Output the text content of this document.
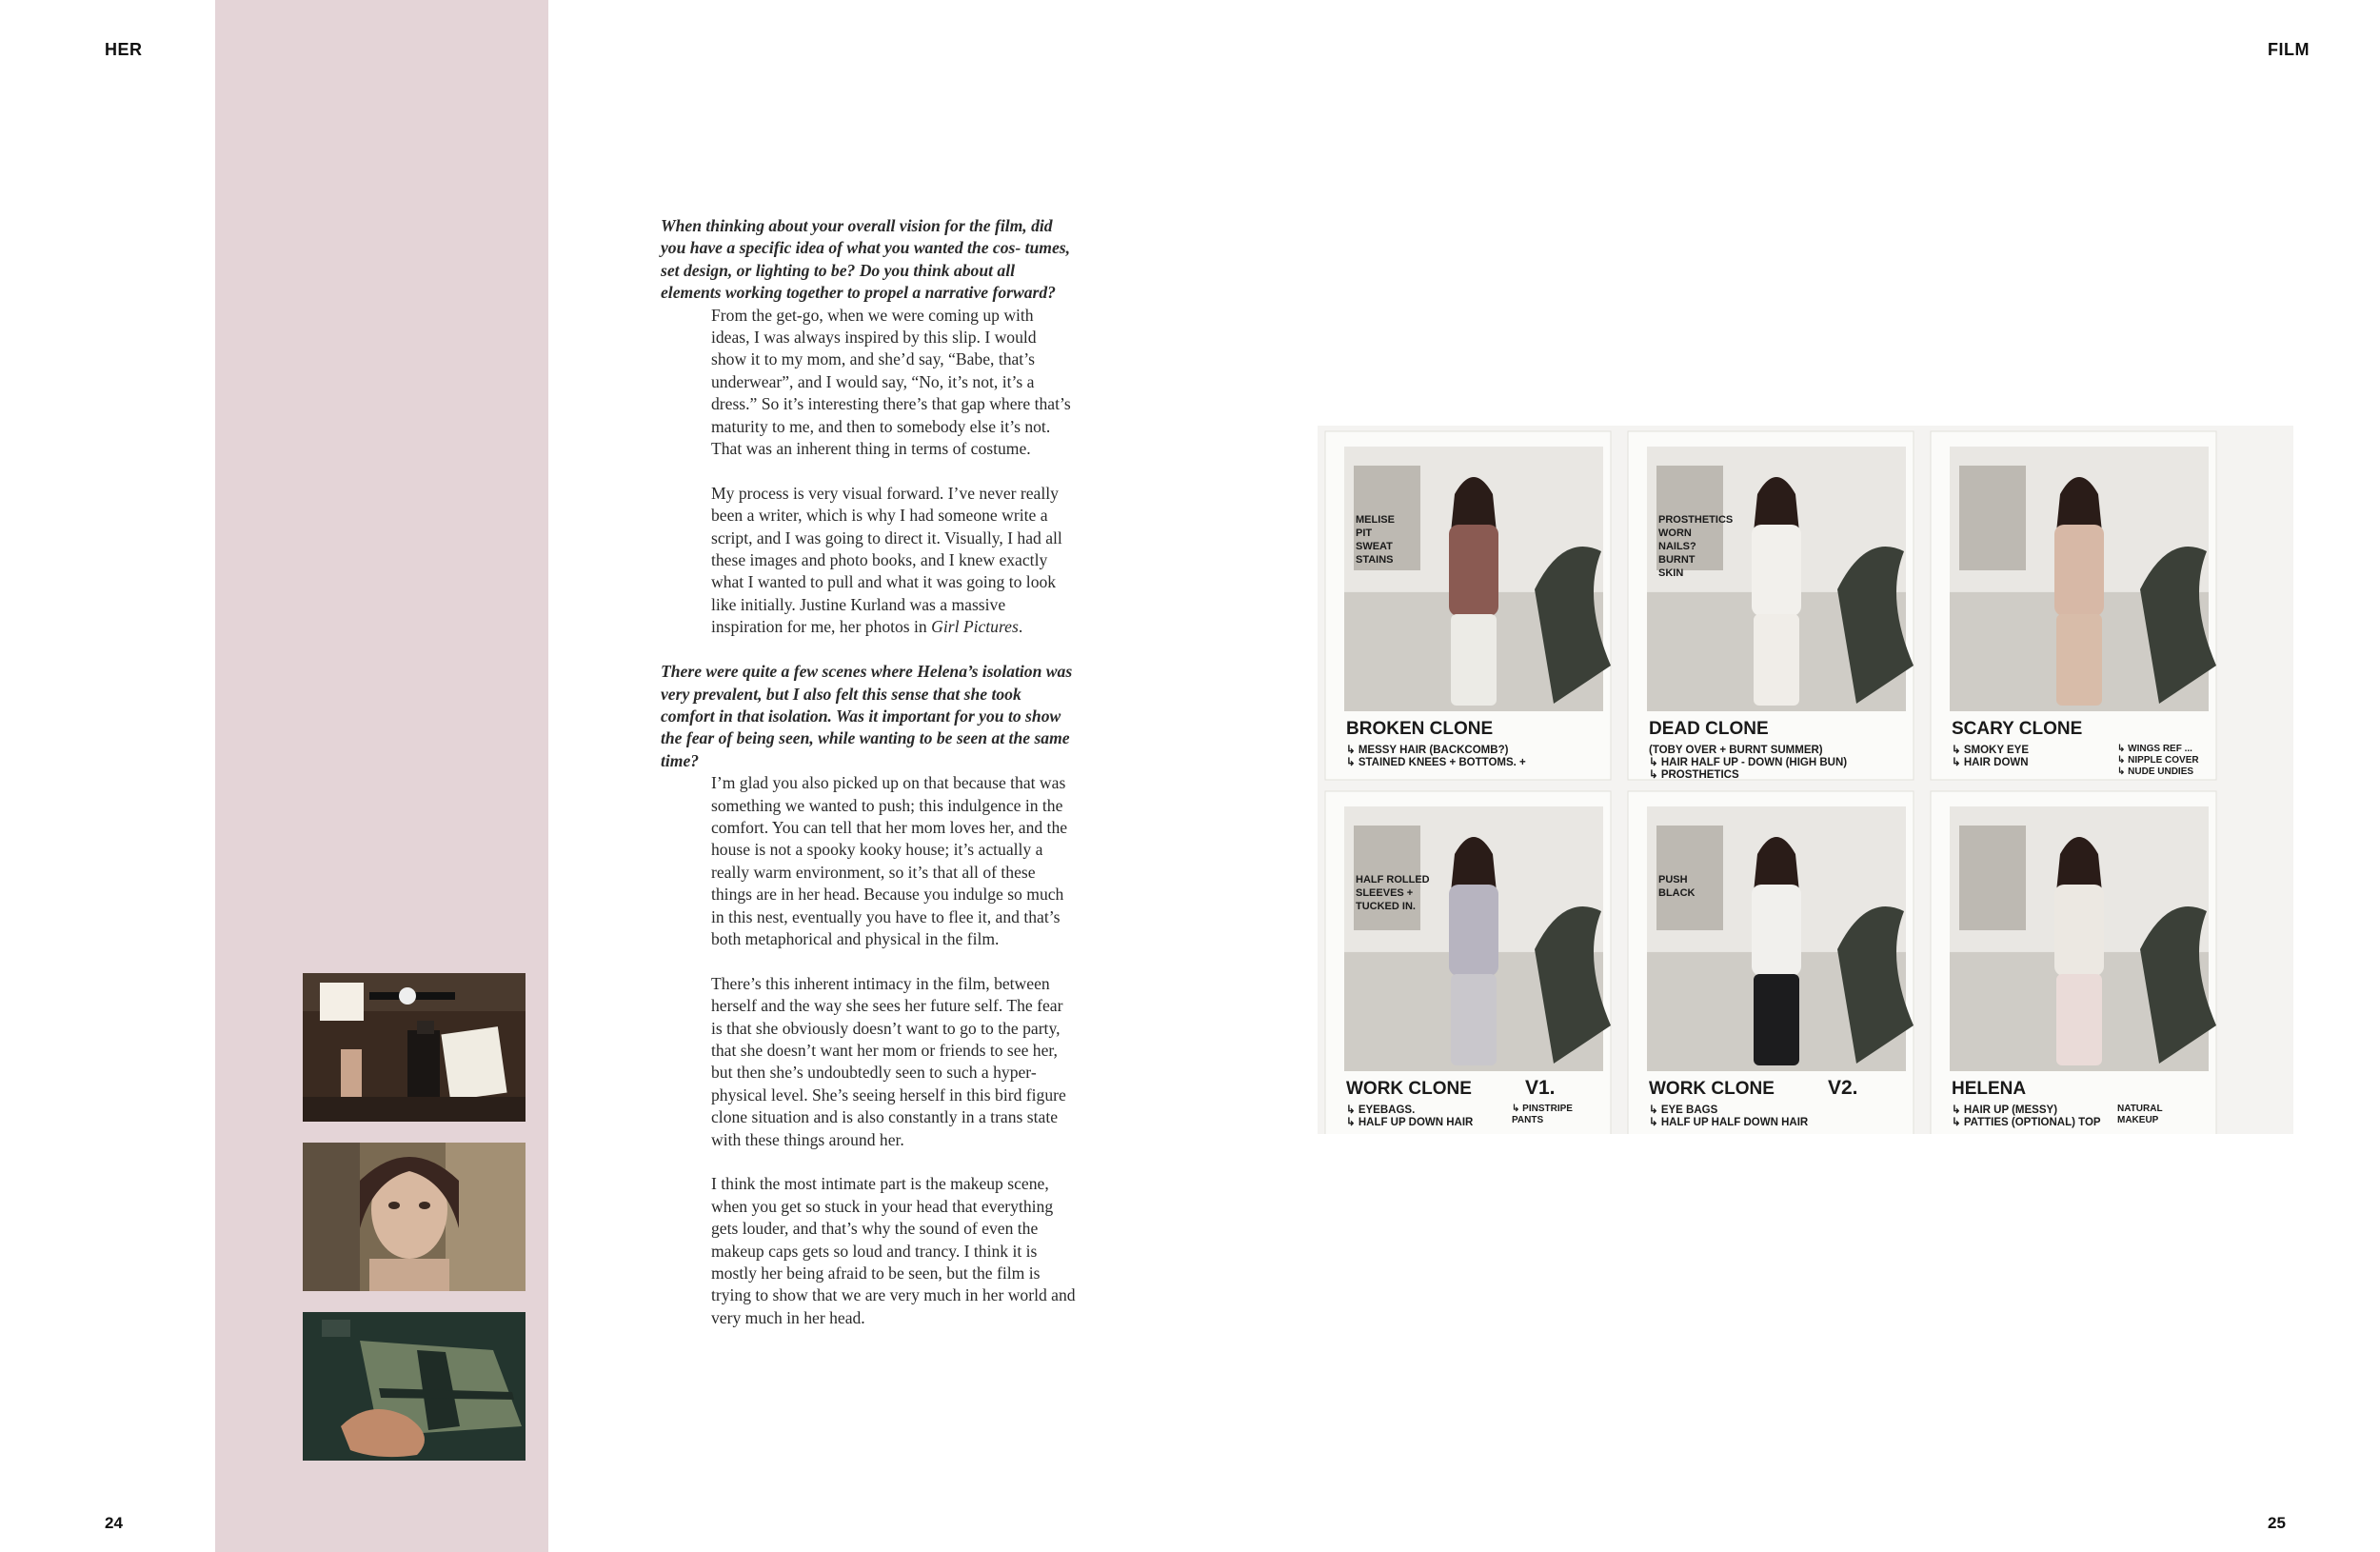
HER	FILM

When thinking about your overall vision for the film, did you have a specific idea of what you wanted the cos- tumes, set design, or lighting to be? Do you think about all elements working together to propel a narrative forward?

From the get-go, when we were coming up with ideas, I was always inspired by this slip. I would show it to my mom, and she’d say, “Babe, that’s underwear”, and I would say, “No, it’s not, it’s a dress.” So it’s interesting there’s that gap where that’s maturity to me, and then to somebody else it’s not. That was an inherent thing in terms of costume.

My process is very visual forward. I’ve never really been a writer, which is why I had someone write a script, and I was going to direct it. Visually, I had all these images and photo books, and I knew exactly what I wanted to pull and what it was going to look like initially. Justine Kurland was a massive inspiration for me, her photos in Girl Pictures.

There were quite a few scenes where Helena’s isolation was very prevalent, but I also felt this sense that she took comfort in that isolation. Was it important for you to show the fear of being seen, while wanting to be seen at the same time?

I’m glad you also picked up on that because that was something we wanted to push; this indulgence in the comfort. You can tell that her mom loves her, and the house is not a spooky kooky house; it’s actually a really warm environment, so it’s that all of these things are in her head. Because you indulge so much in this nest, eventually you have to flee it, and that’s both metaphorical and physical in the film.

There’s this inherent intimacy in the film, between herself and the way she sees her future self. The fear is that she obviously doesn’t want to go to the party, that she doesn’t want her mom or friends to see her, but then she’s undoubtedly seen to such a hyper- physical level. She’s seeing herself in this bird figure clone situation and is also constantly in a trans state with these things around her.

I think the most intimate part is the makeup scene, when you get so stuck in your head that everything gets louder, and that’s why the sound of even the makeup caps gets so loud and trancy. I think it is mostly her being afraid to be seen, but the film is trying to show that we are very much in her world and very much in her head.

BROKEN CLONE
↳ MESSY HAIR (BACKCOMB?)
↳ STAINED KNEES + BOTTOMS. +
MELISE
PIT
SWEAT
STAINS
DEAD CLONE
(TOBY OVER + BURNT SUMMER)
↳ HAIR HALF UP - DOWN (HIGH BUN)
↳ PROSTHETICS
PROSTHETICS
WORN
NAILS?
BURNT
SKIN
SCARY CLONE
↳ SMOKY EYE
↳ HAIR DOWN
↳ WINGS REF ...
↳ NIPPLE COVER
↳ NUDE UNDIES
WORK CLONE	V1.
↳ EYEBAGS.
↳ HALF UP DOWN HAIR
↳ PINSTRIPE
PANTS
HALF ROLLED
SLEEVES +
TUCKED IN.
WORK CLONE	V2.
↳ EYE BAGS
↳ HALF UP HALF DOWN HAIR
PUSH
BLACK
HELENA
↳ HAIR UP (MESSY)
↳ PATTIES (OPTIONAL) TOP
NATURAL
MAKEUP
24	25
